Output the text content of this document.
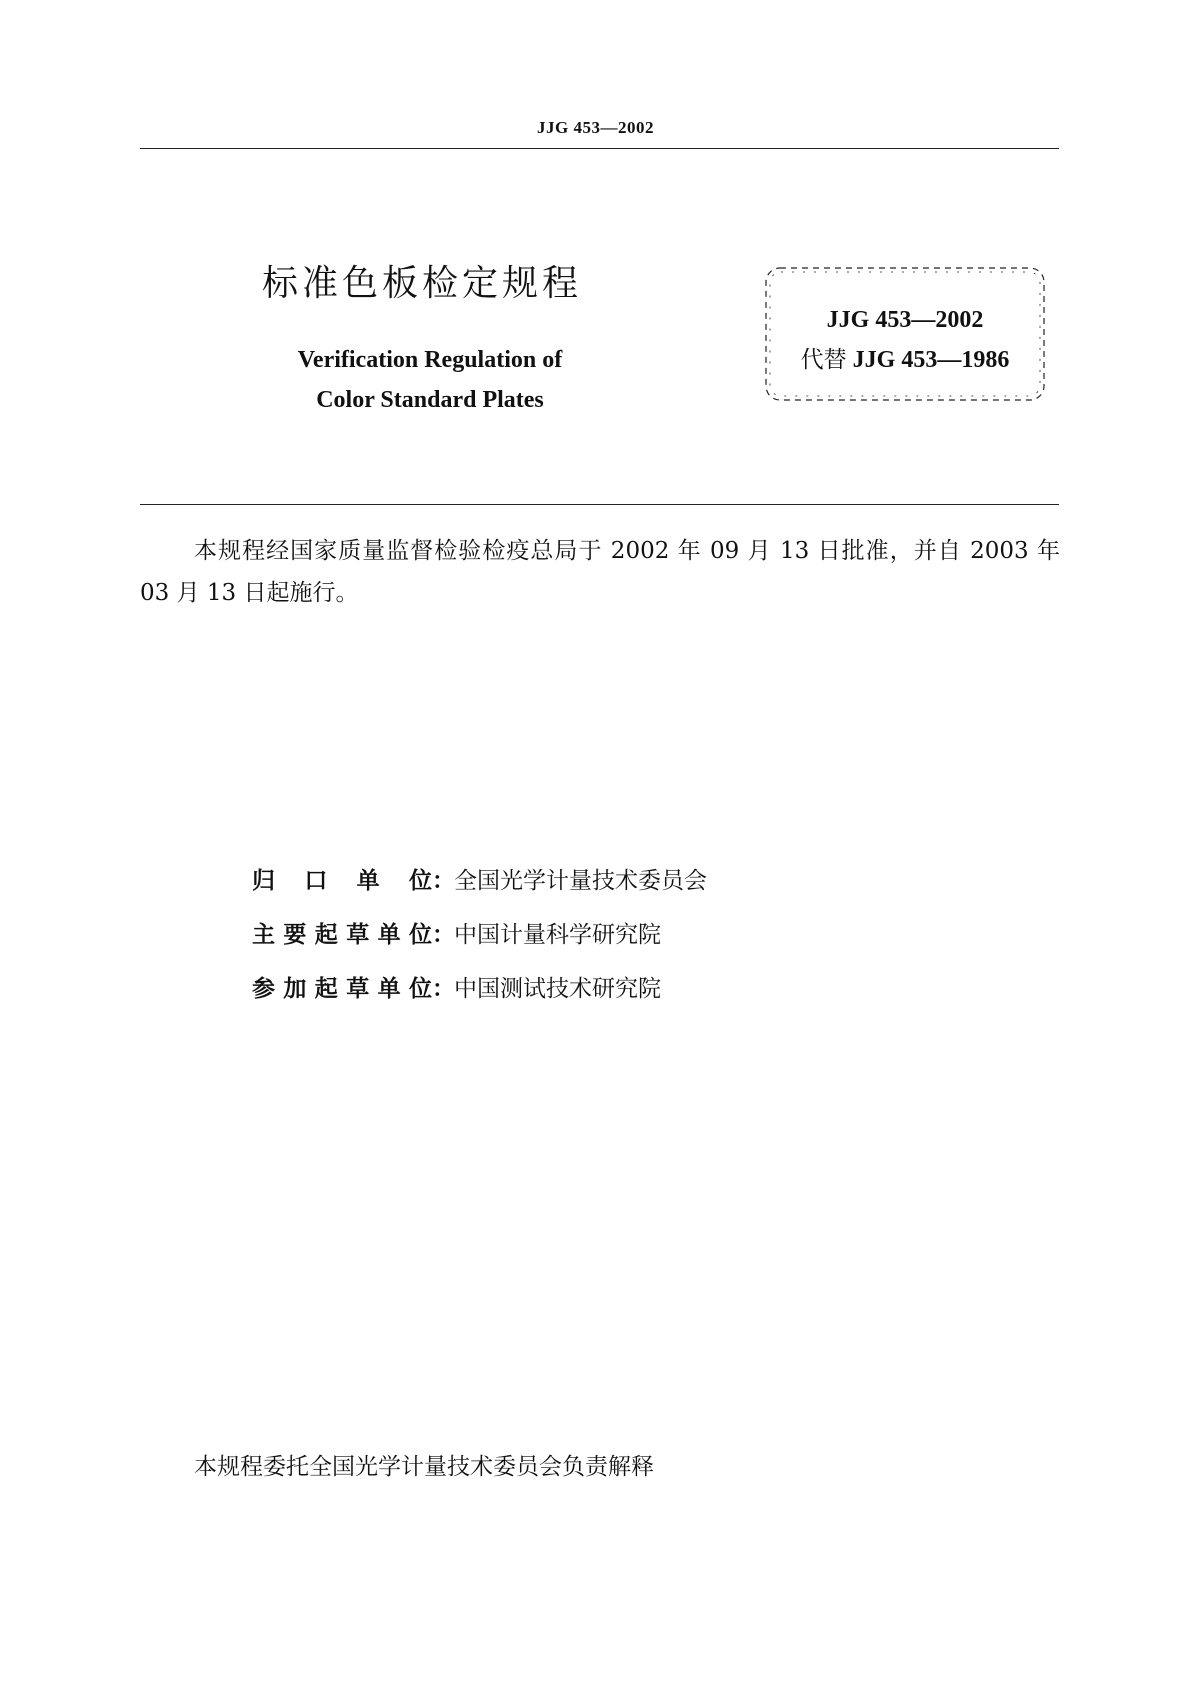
JJG 453—2002
标准色板检定规程
Verification Regulation of
Color Standard Plates
JJG 453—2002
代替 JJG 453—1986
本规程经国家质量监督检验检疫总局于 2002 年 09 月 13 日批准，并自 2003 年 03 月 13 日起施行。
归口单位 ： 全国光学计量技术委员会
主要起草单位 ： 中国计量科学研究院
参加起草单位 ： 中国测试技术研究院
本规程委托全国光学计量技术委员会负责解释
